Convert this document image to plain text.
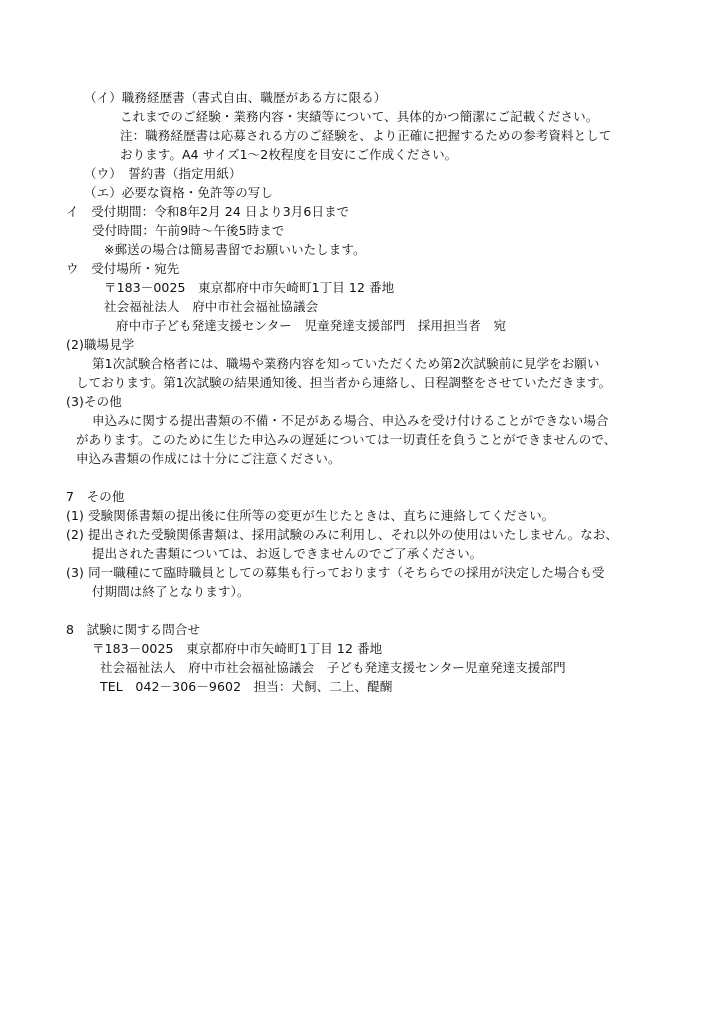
（イ）職務経歴書（書式自由、職歴がある方に限る）
これまでのご経験・業務内容・実績等について、具体的かつ簡潔にご記載ください。
注：職務経歴書は応募される方のご経験を、より正確に把握するための参考資料として
おります。A4 サイズ1～2枚程度を目安にご作成ください。
（ウ）　誓約書（指定用紙）
（エ）必要な資格・免許等の写し
イ　受付期間：令和8年2月 24 日より3月6日まで
受付時間：午前9時～午後5時まで
※郵送の場合は簡易書留でお願いいたします。
ウ　受付場所・宛先
〒183－0025　東京都府中市矢崎町1丁目 12 番地
社会福祉法人　府中市社会福祉協議会
府中市子ども発達支援センター　児童発達支援部門　採用担当者　宛
(2)職場見学
第1次試験合格者には、職場や業務内容を知っていただくため第2次試験前に見学をお願い
しております。第1次試験の結果通知後、担当者から連絡し、日程調整をさせていただきます。
(3)その他
申込みに関する提出書類の不備・不足がある場合、申込みを受け付けることができない場合
があります。このために生じた申込みの遅延については一切責任を負うことができませんので、
申込み書類の作成には十分にご注意ください。
7　その他
(1) 受験関係書類の提出後に住所等の変更が生じたときは、直ちに連絡してください。
(2) 提出された受験関係書類は、採用試験のみに利用し、それ以外の使用はいたしません。なお、
提出された書類については、お返しできませんのでご了承ください。
(3) 同一職種にて臨時職員としての募集も行っております（そちらでの採用が決定した場合も受
付期間は終了となります）。
8　試験に関する問合せ
〒183－0025　東京都府中市矢崎町1丁目 12 番地
社会福祉法人　府中市社会福祉協議会　子ども発達支援センター児童発達支援部門
TEL　042－306－9602　担当：犬飼、二上、醍醐
